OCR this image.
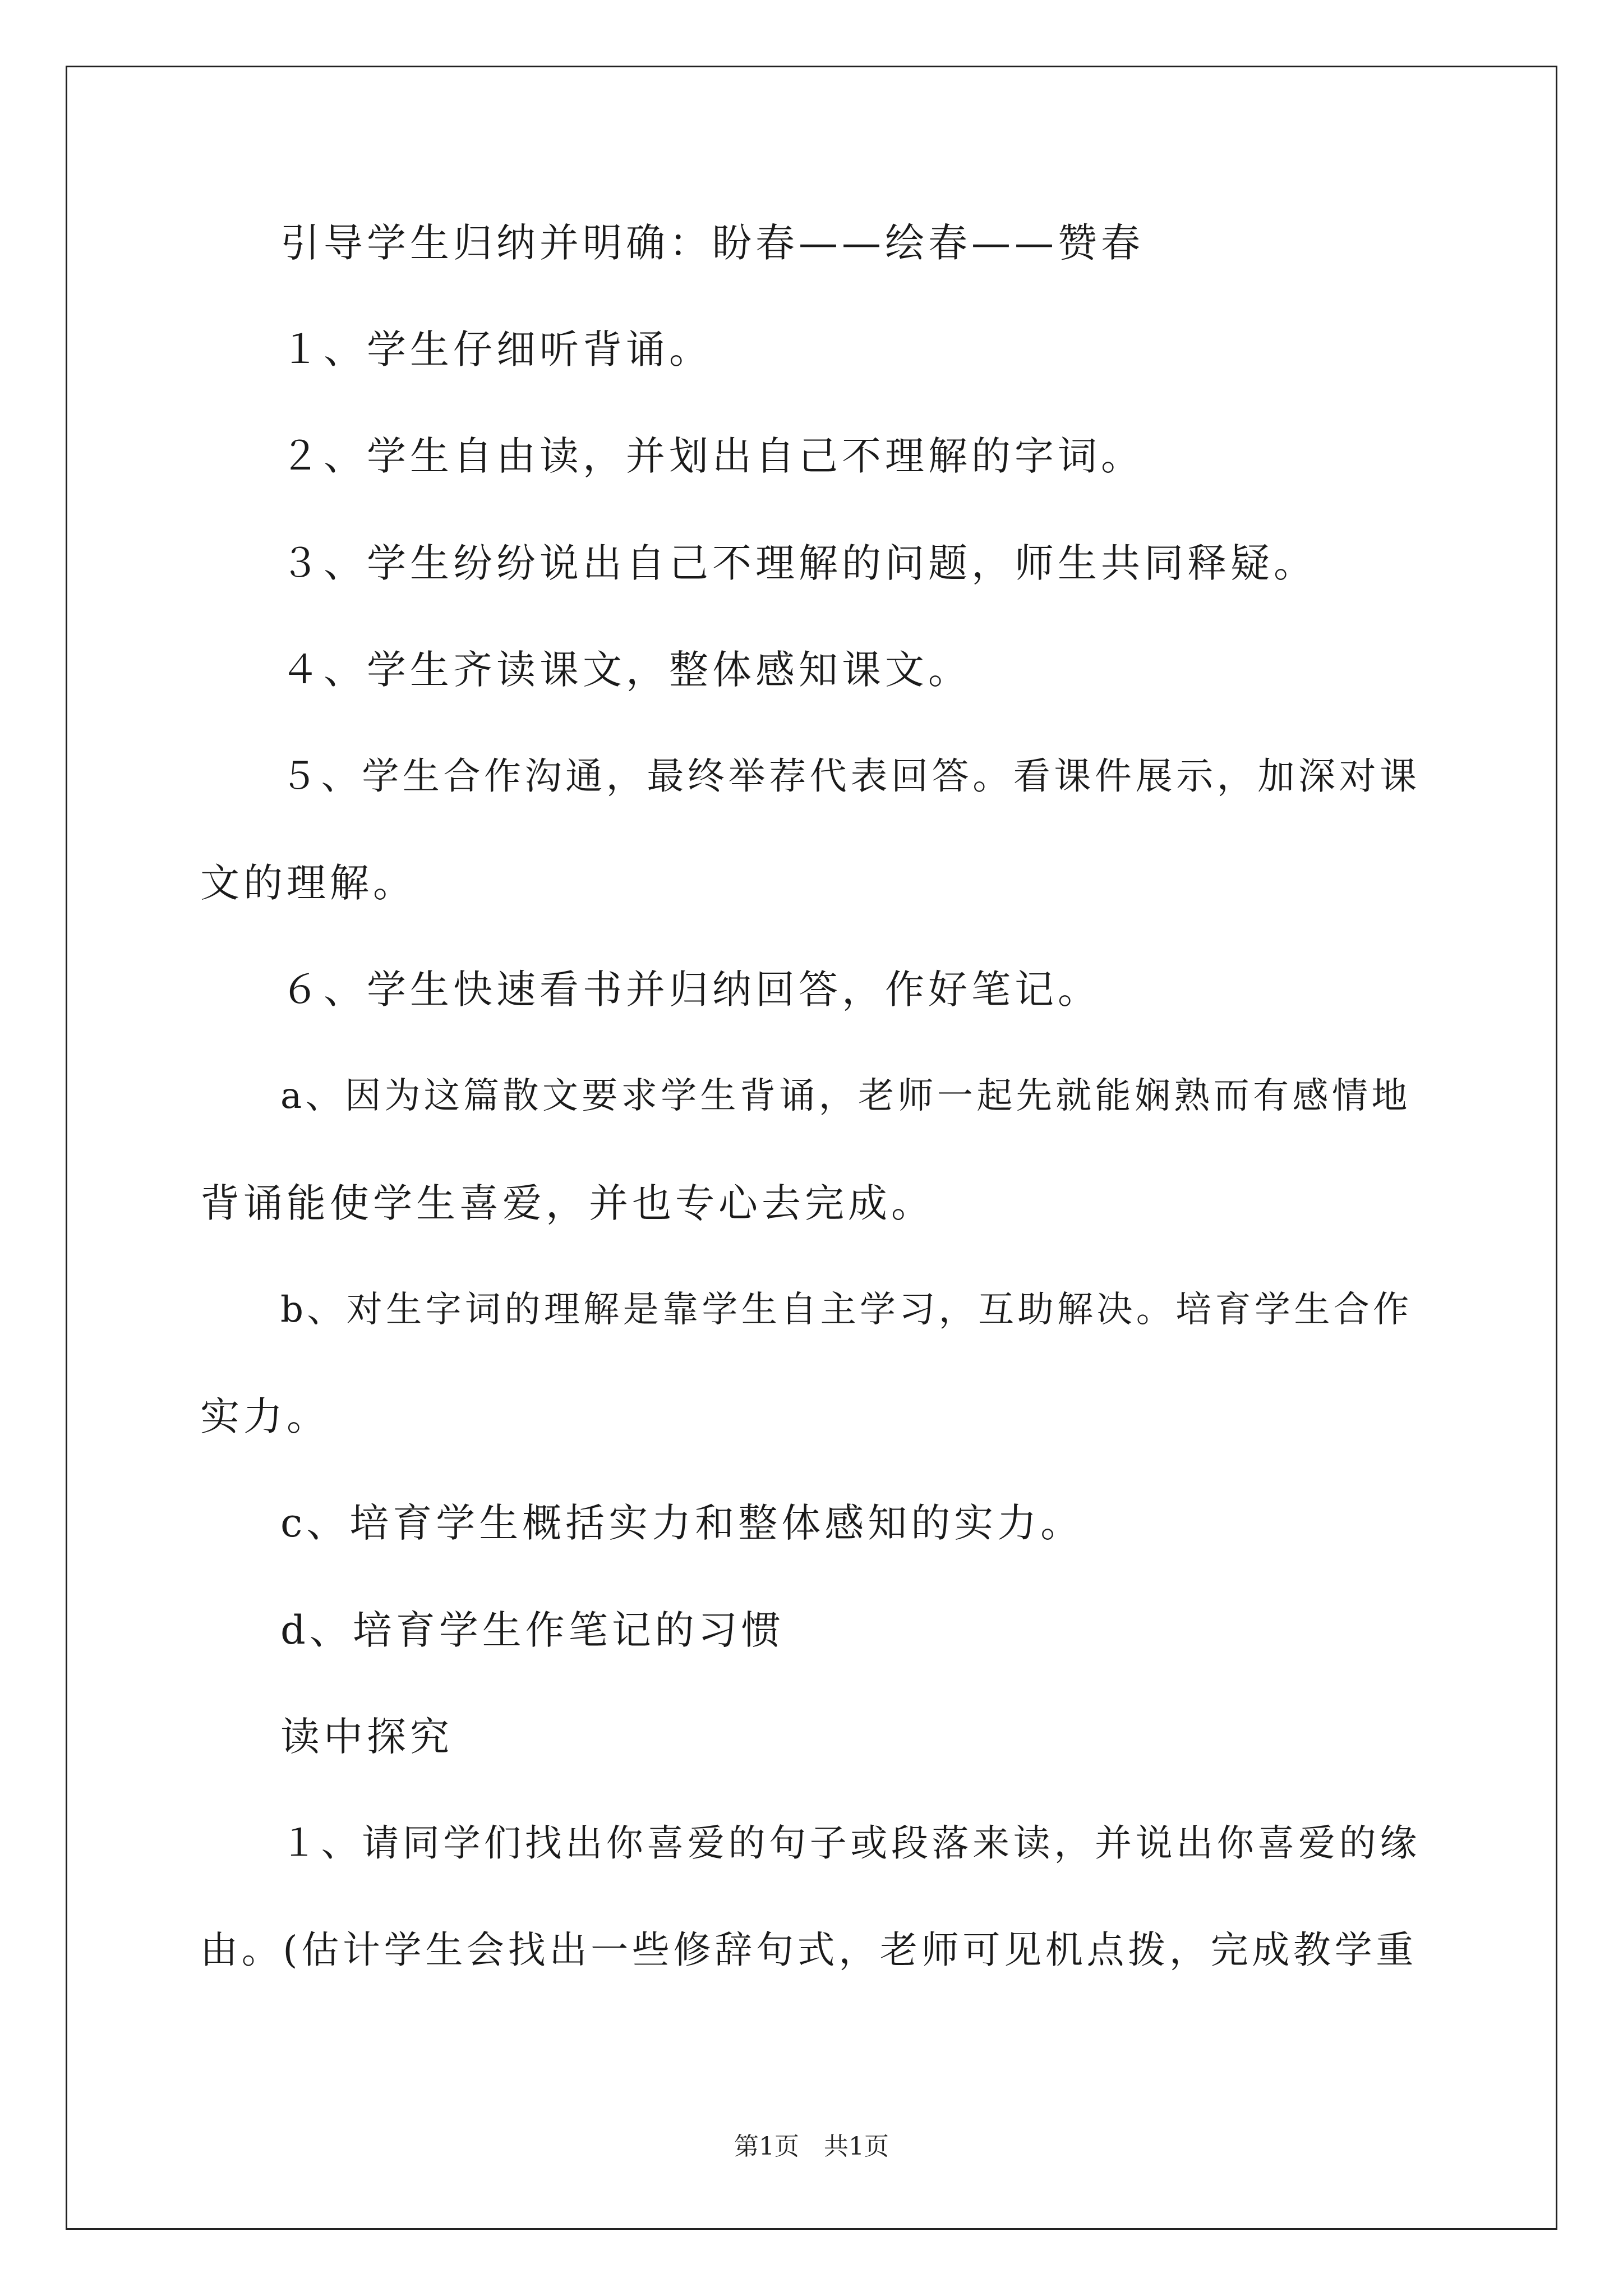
引导学生归纳并明确：盼春——绘春——赞春
１、学生仔细听背诵。
２、学生自由读，并划出自己不理解的字词。
３、学生纷纷说出自己不理解的问题，师生共同释疑。
４、学生齐读课文，整体感知课文。
５、学生合作沟通，最终举荐代表回答。看课件展示，加深对课
文的理解。
６、学生快速看书并归纳回答，作好笔记。
a、因为这篇散文要求学生背诵，老师一起先就能娴熟而有感情地
背诵能使学生喜爱，并也专心去完成。
b、对生字词的理解是靠学生自主学习，互助解决。培育学生合作
实力。
c、培育学生概括实力和整体感知的实力。
d、培育学生作笔记的习惯
读中探究
１、请同学们找出你喜爱的句子或段落来读，并说出你喜爱的缘
由。(估计学生会找出一些修辞句式，老师可见机点拨，完成教学重
第1页　共1页
